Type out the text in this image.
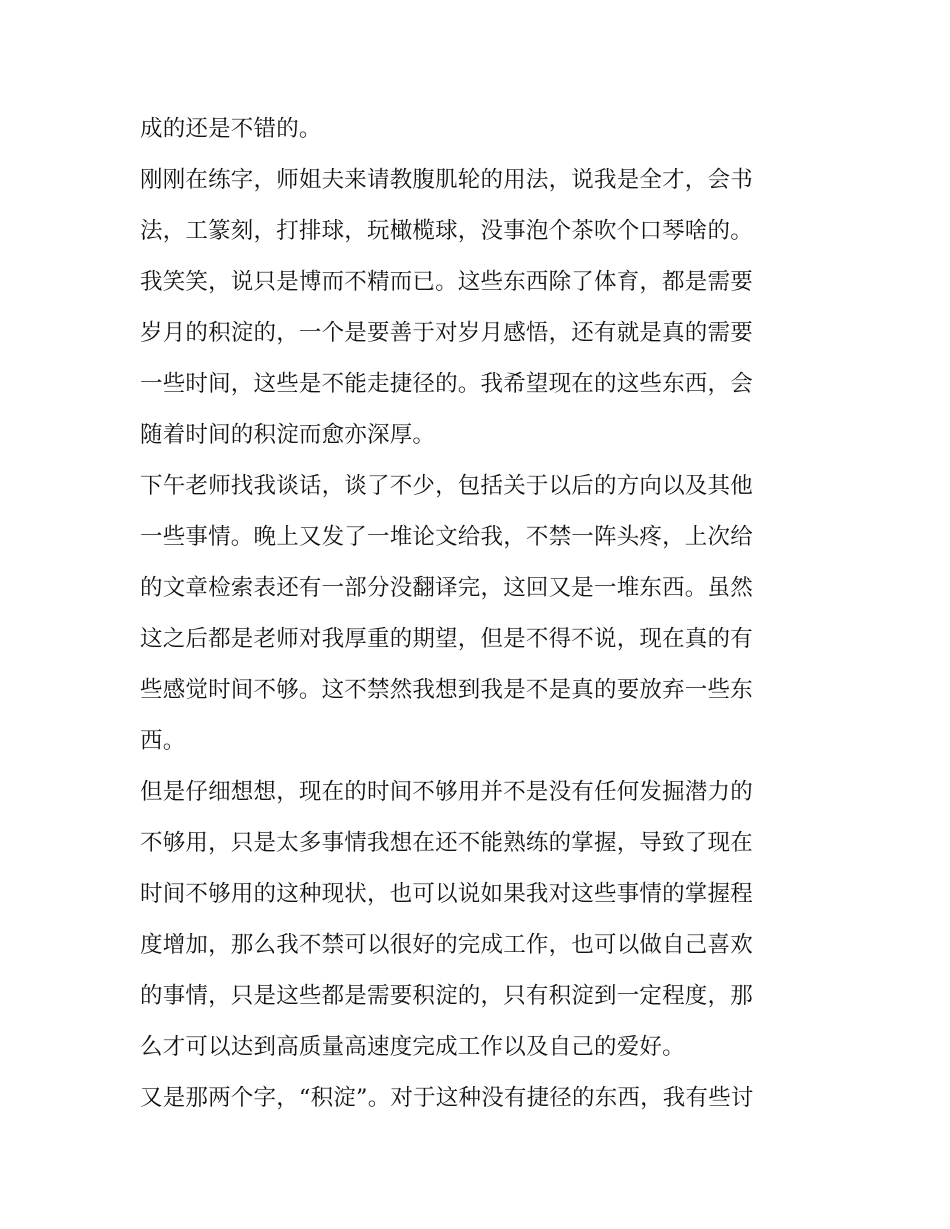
成的还是不错的。
刚刚在练字，师姐夫来请教腹肌轮的用法，说我是全才，会书
法，工篆刻，打排球，玩橄榄球，没事泡个茶吹个口琴啥的。
我笑笑，说只是博而不精而已。这些东西除了体育，都是需要
岁月的积淀的，一个是要善于对岁月感悟，还有就是真的需要
一些时间，这些是不能走捷径的。我希望现在的这些东西，会
随着时间的积淀而愈亦深厚。
下午老师找我谈话，谈了不少，包括关于以后的方向以及其他
一些事情。晚上又发了一堆论文给我，不禁一阵头疼，上次给
的文章检索表还有一部分没翻译完，这回又是一堆东西。虽然
这之后都是老师对我厚重的期望，但是不得不说，现在真的有
些感觉时间不够。这不禁然我想到我是不是真的要放弃一些东
西。
但是仔细想想，现在的时间不够用并不是没有任何发掘潜力的
不够用，只是太多事情我想在还不能熟练的掌握，导致了现在
时间不够用的这种现状，也可以说如果我对这些事情的掌握程
度增加，那么我不禁可以很好的完成工作，也可以做自己喜欢
的事情，只是这些都是需要积淀的，只有积淀到一定程度，那
么才可以达到高质量高速度完成工作以及自己的爱好。
又是那两个字，“积淀”。对于这种没有捷径的东西，我有些讨
